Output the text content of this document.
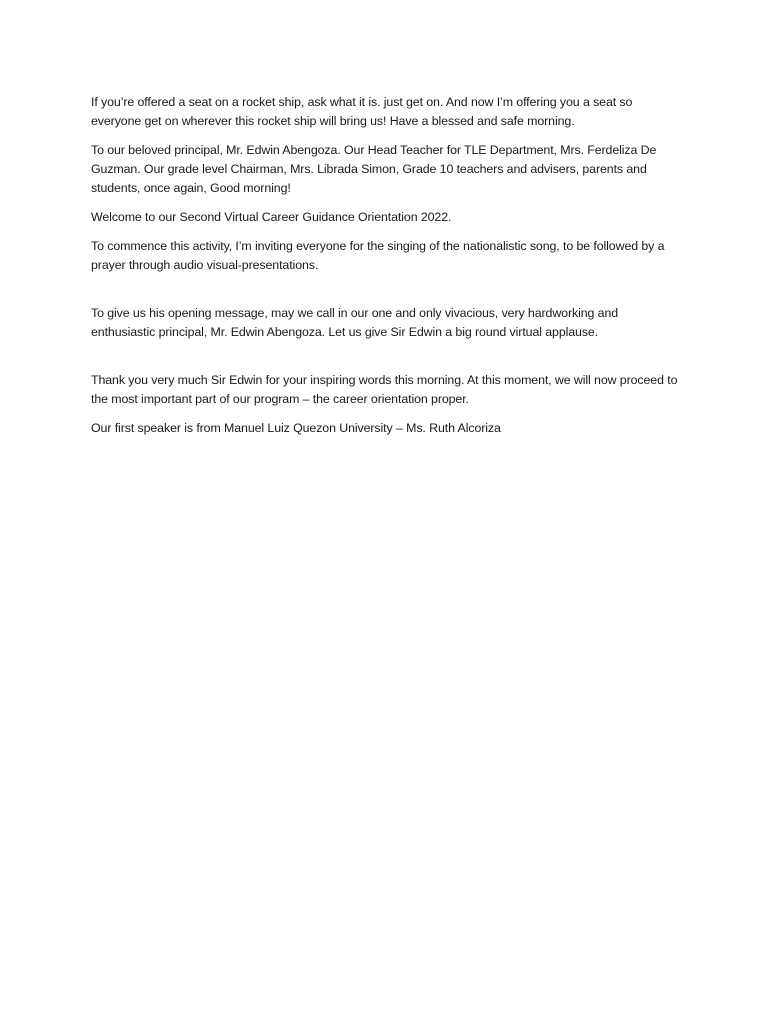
If you’re offered a seat on a rocket ship, ask what it is. just get on. And now I’m offering you a seat so everyone get on wherever this rocket ship will bring us! Have a blessed and safe morning.

To our beloved principal, Mr. Edwin Abengoza. Our Head Teacher for TLE Department, Mrs. Ferdeliza De Guzman. Our grade level Chairman, Mrs. Librada Simon, Grade 10 teachers and advisers, parents and students, once again, Good morning!

Welcome to our Second Virtual Career Guidance Orientation 2022.

To commence this activity, I’m inviting everyone for the singing of the nationalistic song, to be followed by a prayer through audio visual-presentations.

To give us his opening message, may we call in our one and only vivacious, very hardworking and enthusiastic principal, Mr. Edwin Abengoza. Let us give Sir Edwin a big round virtual applause.

Thank you very much Sir Edwin for your inspiring words this morning. At this moment, we will now proceed to the most important part of our program – the career orientation proper.

Our first speaker is from Manuel Luiz Quezon University – Ms. Ruth Alcoriza
